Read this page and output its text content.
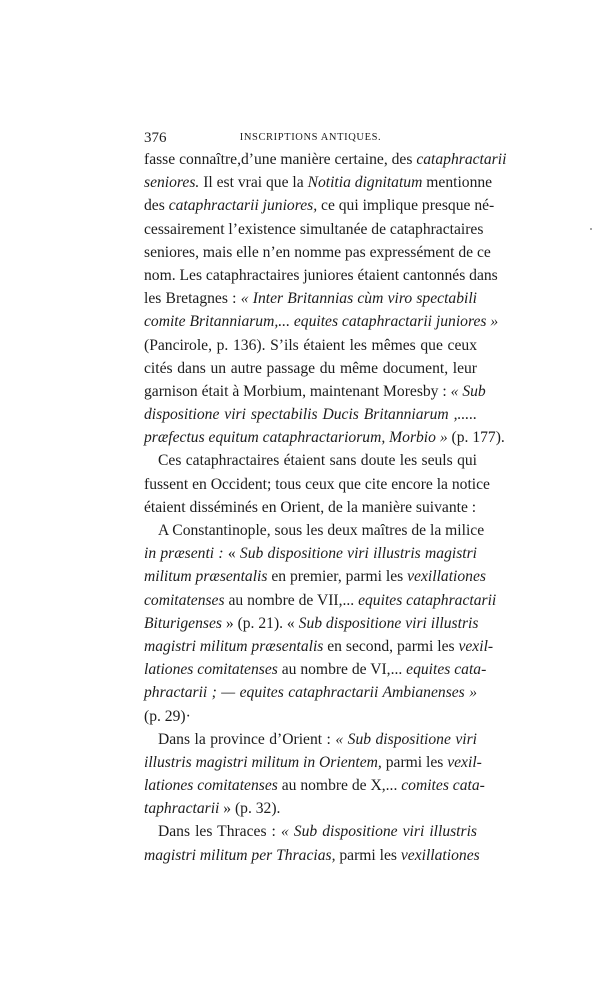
376	INSCRIPTIONS ANTIQUES.
fasse connaître,d’une manière certaine, des cataphractarii
seniores. Il est vrai que la Notitia dignitatum mentionne
des cataphractarii juniores, ce qui implique presque né-
cessairement l’existence simultanée de cataphractaires
seniores, mais elle n’en nomme pas expressément de ce
nom. Les cataphractaires juniores étaient cantonnés dans
les Bretagnes : « Inter Britannias cùm viro spectabili
comite Britanniarum,... equites cataphractarii juniores »
(Pancirole, p. 136). S’ils étaient les mêmes que ceux
cités dans un autre passage du même document, leur
garnison était à Morbium, maintenant Moresby : « Sub
dispositione viri spectabilis Ducis Britanniarum ,.....
præfectus equitum cataphractariorum, Morbio » (p. 177).
Ces cataphractaires étaient sans doute les seuls qui
fussent en Occident; tous ceux que cite encore la notice
étaient disséminés en Orient, de la manière suivante :
A Constantinople, sous les deux maîtres de la milice
in præsenti : « Sub dispositione viri illustris magistri
militum præsentalis en premier, parmi les vexillationes
comitatenses au nombre de VII,... equites cataphractarii
Biturigenses » (p. 21). « Sub dispositione viri illustris
magistri militum præsentalis en second, parmi les vexil-
lationes comitatenses au nombre de VI,... equites cata-
phractarii ; — equites cataphractarii Ambianenses »
(p. 29)·
Dans la province d’Orient : « Sub dispositione viri
illustris magistri militum in Orientem, parmi les vexil-
lationes comitatenses au nombre de X,... comites cata-
taphractarii » (p. 32).
Dans les Thraces : « Sub dispositione viri illustris
magistri militum per Thracias, parmi les vexillationes
